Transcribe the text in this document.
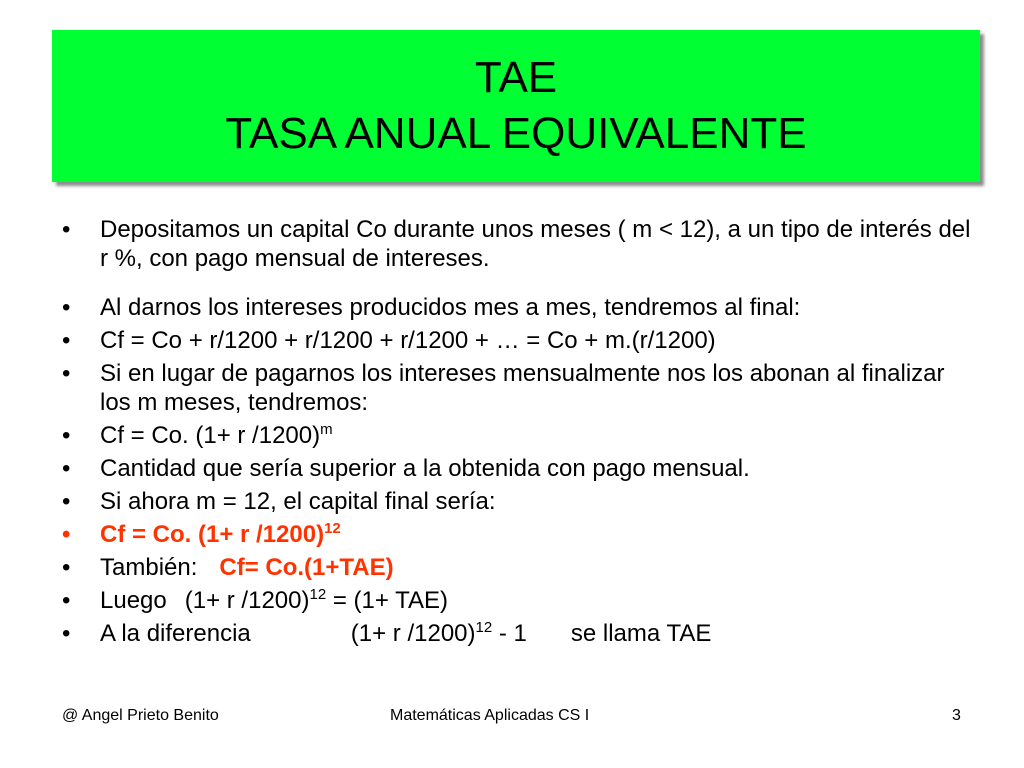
TAE
TASA ANUAL EQUIVALENTE
• Depositamos un capital Co durante unos meses ( m < 12), a un tipo de interés del r %, con pago mensual de intereses.
• Al darnos los intereses producidos mes a mes, tendremos al final:
• Cf = Co + r/1200 + r/1200 + r/1200 + … = Co + m.(r/1200)
• Si en lugar de pagarnos los intereses mensualmente nos los abonan al finalizar los m meses, tendremos:
• Cf = Co. (1+ r /1200)$^m$
• Cantidad que sería superior a la obtenida con pago mensual.
• Si ahora m = 12, el capital final sería:
• Cf = Co. (1+ r /1200)$^{12}$
• También: Cf= Co.(1+TAE)
• Luego (1+ r /1200)$^{12}$ = (1+ TAE)
• A la diferencia	(1+ r /1200)$^{12}$ - 1 se llama TAE
@ Angel Prieto Benito	Matemáticas Aplicadas CS I	3
